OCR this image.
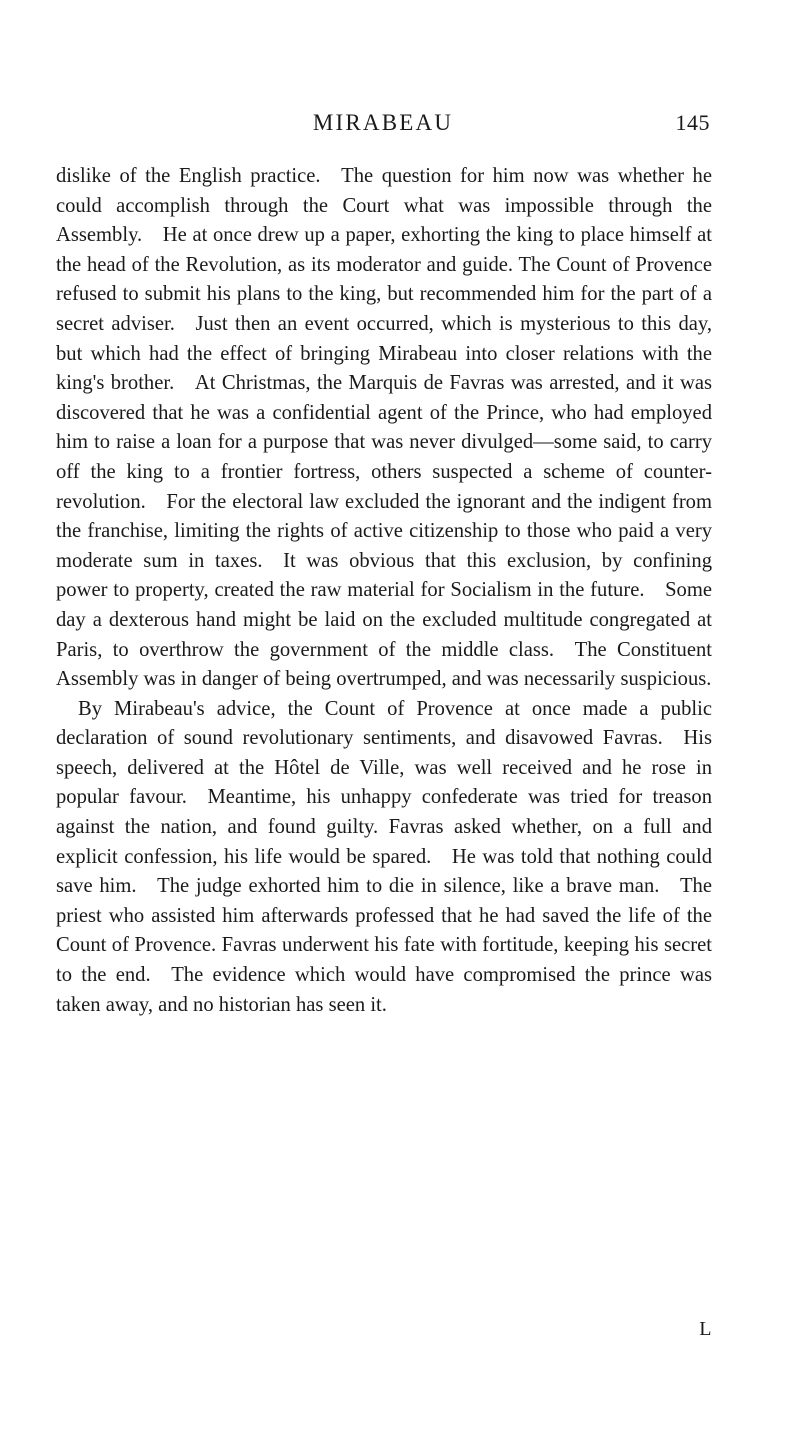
MIRABEAU	145

dislike of the English practice. The question for him now was whether he could accomplish through the Court what was impossible through the Assembly. He at once drew up a paper, exhorting the king to place himself at the head of the Revolution, as its moderator and guide. The Count of Provence refused to submit his plans to the king, but recommended him for the part of a secret adviser. Just then an event occurred, which is mysterious to this day, but which had the effect of bringing Mirabeau into closer relations with the king's brother. At Christmas, the Marquis de Favras was arrested, and it was discovered that he was a confidential agent of the Prince, who had employed him to raise a loan for a purpose that was never divulged—some said, to carry off the king to a frontier fortress, others suspected a scheme of counter-revolution. For the electoral law excluded the ignorant and the indigent from the franchise, limiting the rights of active citizenship to those who paid a very moderate sum in taxes. It was obvious that this exclusion, by confining power to property, created the raw material for Socialism in the future. Some day a dexterous hand might be laid on the excluded multitude congregated at Paris, to overthrow the government of the middle class. The Constituent Assembly was in danger of being overtrumped, and was necessarily suspicious.

By Mirabeau's advice, the Count of Provence at once made a public declaration of sound revolutionary sentiments, and disavowed Favras. His speech, delivered at the Hôtel de Ville, was well received and he rose in popular favour. Meantime, his unhappy confederate was tried for treason against the nation, and found guilty. Favras asked whether, on a full and explicit confession, his life would be spared. He was told that nothing could save him. The judge exhorted him to die in silence, like a brave man. The priest who assisted him afterwards professed that he had saved the life of the Count of Provence. Favras underwent his fate with fortitude, keeping his secret to the end. The evidence which would have compromised the prince was taken away, and no historian has seen it.

L
